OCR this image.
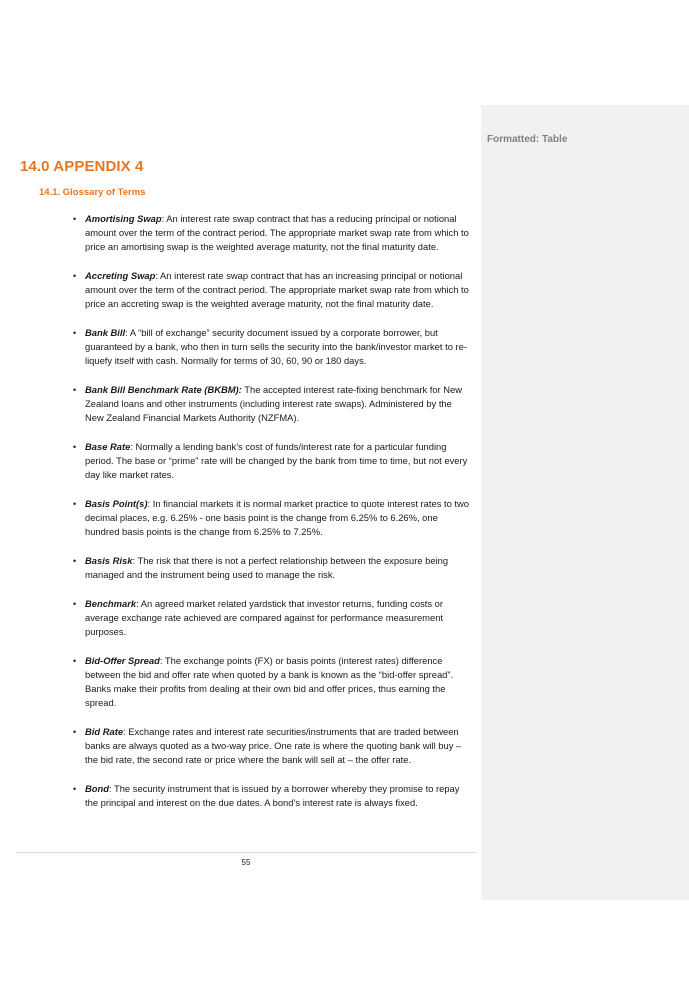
Formatted: Table
14.0 APPENDIX 4
14.1. Glossary of Terms
• Amortising Swap: An interest rate swap contract that has a reducing principal or notional amount over the term of the contract period. The appropriate market swap rate from which to price an amortising swap is the weighted average maturity, not the final maturity date.
• Accreting Swap: An interest rate swap contract that has an increasing principal or notional amount over the term of the contract period. The appropriate market swap rate from which to price an accreting swap is the weighted average maturity, not the final maturity date.
• Bank Bill: A “bill of exchange” security document issued by a corporate borrower, but guaranteed by a bank, who then in turn sells the security into the bank/investor market to re-liquefy itself with cash. Normally for terms of 30, 60, 90 or 180 days.
• Bank Bill Benchmark Rate (BKBM): The accepted interest rate-fixing benchmark for New Zealand loans and other instruments (including interest rate swaps). Administered by the New Zealand Financial Markets Authority (NZFMA).
• Base Rate: Normally a lending bank’s cost of funds/interest rate for a particular funding period. The base or “prime” rate will be changed by the bank from time to time, but not every day like market rates.
• Basis Point(s): In financial markets it is normal market practice to quote interest rates to two decimal places, e.g. 6.25% - one basis point is the change from 6.25% to 6.26%, one hundred basis points is the change from 6.25% to 7.25%.
• Basis Risk: The risk that there is not a perfect relationship between the exposure being managed and the instrument being used to manage the risk.
• Benchmark: An agreed market related yardstick that investor returns, funding costs or average exchange rate achieved are compared against for performance measurement purposes.
• Bid-Offer Spread: The exchange points (FX) or basis points (interest rates) difference between the bid and offer rate when quoted by a bank is known as the “bid-offer spread”. Banks make their profits from dealing at their own bid and offer prices, thus earning the spread.
• Bid Rate: Exchange rates and interest rate securities/instruments that are traded between banks are always quoted as a two-way price. One rate is where the quoting bank will buy – the bid rate, the second rate or price where the bank will sell at – the offer rate.
• Bond: The security instrument that is issued by a borrower whereby they promise to repay the principal and interest on the due dates. A bond’s interest rate is always fixed.
55
